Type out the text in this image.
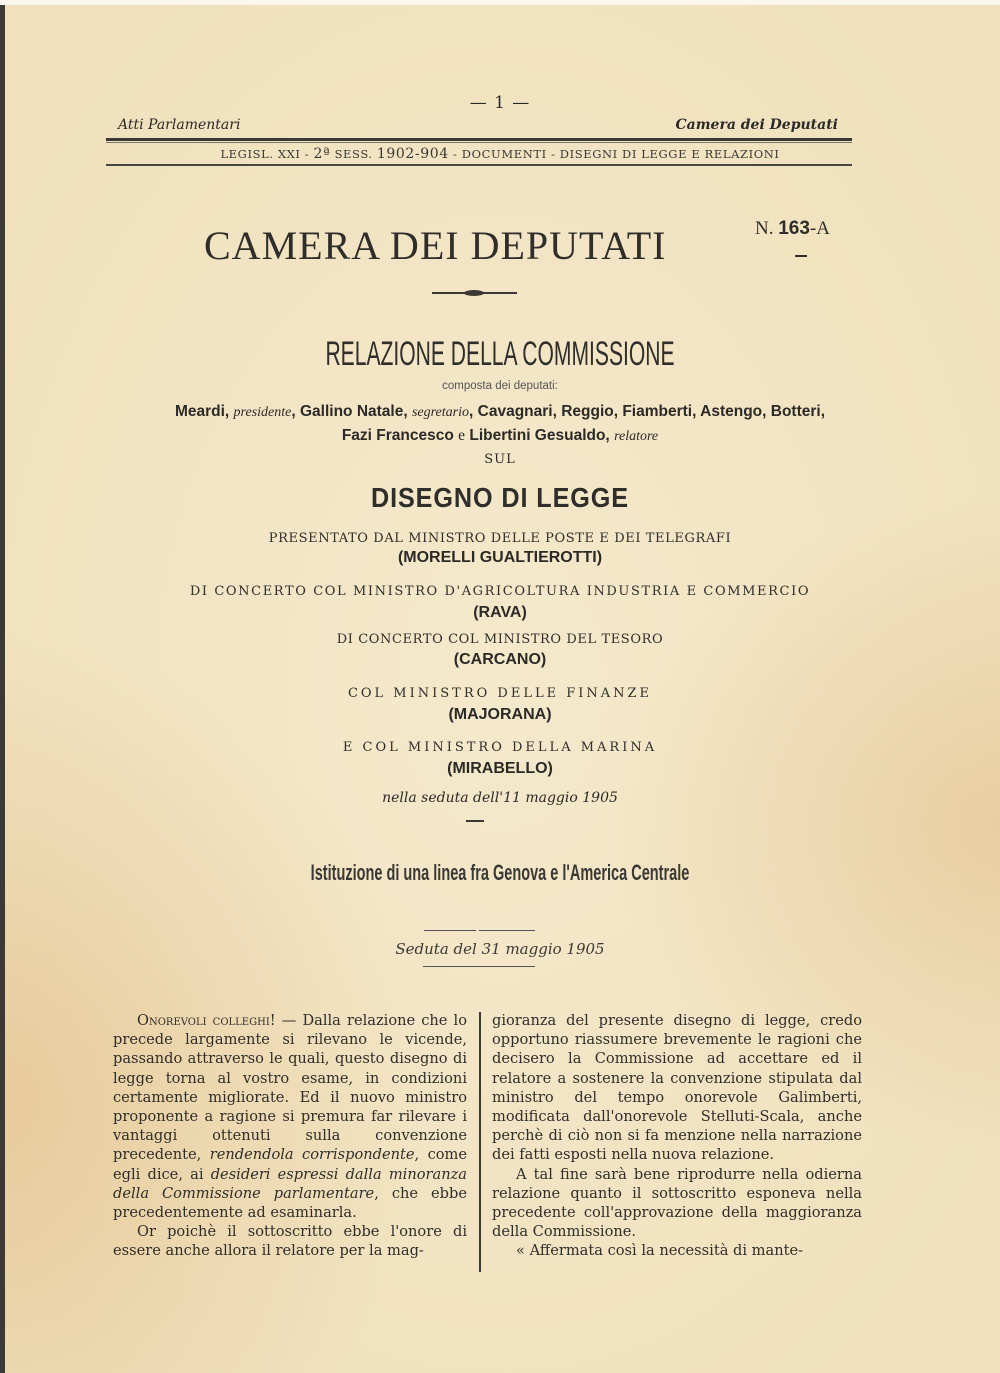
— 1 —
Atti Parlamentari	Camera dei Deputati
LEGISL. XXI - 2ª SESS. 1902-904 - DOCUMENTI - DISEGNI DI LEGGE E RELAZIONI
CAMERA DEI DEPUTATI	N. 163-A
RELAZIONE DELLA COMMISSIONE
composta dei deputati:
Meardi, presidente, Gallino Natale, segretario, Cavagnari, Reggio, Fiamberti, Astengo, Botteri,
Fazi Francesco e Libertini Gesualdo, relatore
SUL
DISEGNO DI LEGGE
PRESENTATO DAL MINISTRO DELLE POSTE E DEI TELEGRAFI
(MORELLI GUALTIEROTTI)
DI CONCERTO COL MINISTRO D'AGRICOLTURA INDUSTRIA E COMMERCIO
(RAVA)
DI CONCERTO COL MINISTRO DEL TESORO
(CARCANO)
COL MINISTRO DELLE FINANZE
(MAJORANA)
E COL MINISTRO DELLA MARINA
(MIRABELLO)
nella seduta dell'11 maggio 1905
Istituzione di una linea fra Genova e l'America Centrale
Seduta del 31 maggio 1905

Onorevoli colleghi! — Dalla relazione che lo precede largamente si rilevano le vicende, passando attraverso le quali, questo disegno di legge torna al vostro esame, in condizioni certamente migliorate. Ed il nuovo ministro proponente a ragione si premura far rilevare i vantaggi ottenuti sulla convenzione precedente, rendendola corrispondente, come egli dice, ai desideri espressi dalla minoranza della Commissione parlamentare, che ebbe precedentemente ad esaminarla.

Or poichè il sottoscritto ebbe l'onore di essere anche allora il relatore per la mag-

gioranza del presente disegno di legge, credo opportuno riassumere brevemente le ragioni che decisero la Commissione ad accettare ed il relatore a sostenere la convenzione stipulata dal ministro del tempo onorevole Galimberti, modificata dall'onorevole Stelluti-Scala, anche perchè di ciò non si fa menzione nella narrazione dei fatti esposti nella nuova relazione.

A tal fine sarà bene riprodurre nella odierna relazione quanto il sottoscritto esponeva nella precedente coll'approvazione della maggioranza della Commissione.

« Affermata così la necessità di mante-
